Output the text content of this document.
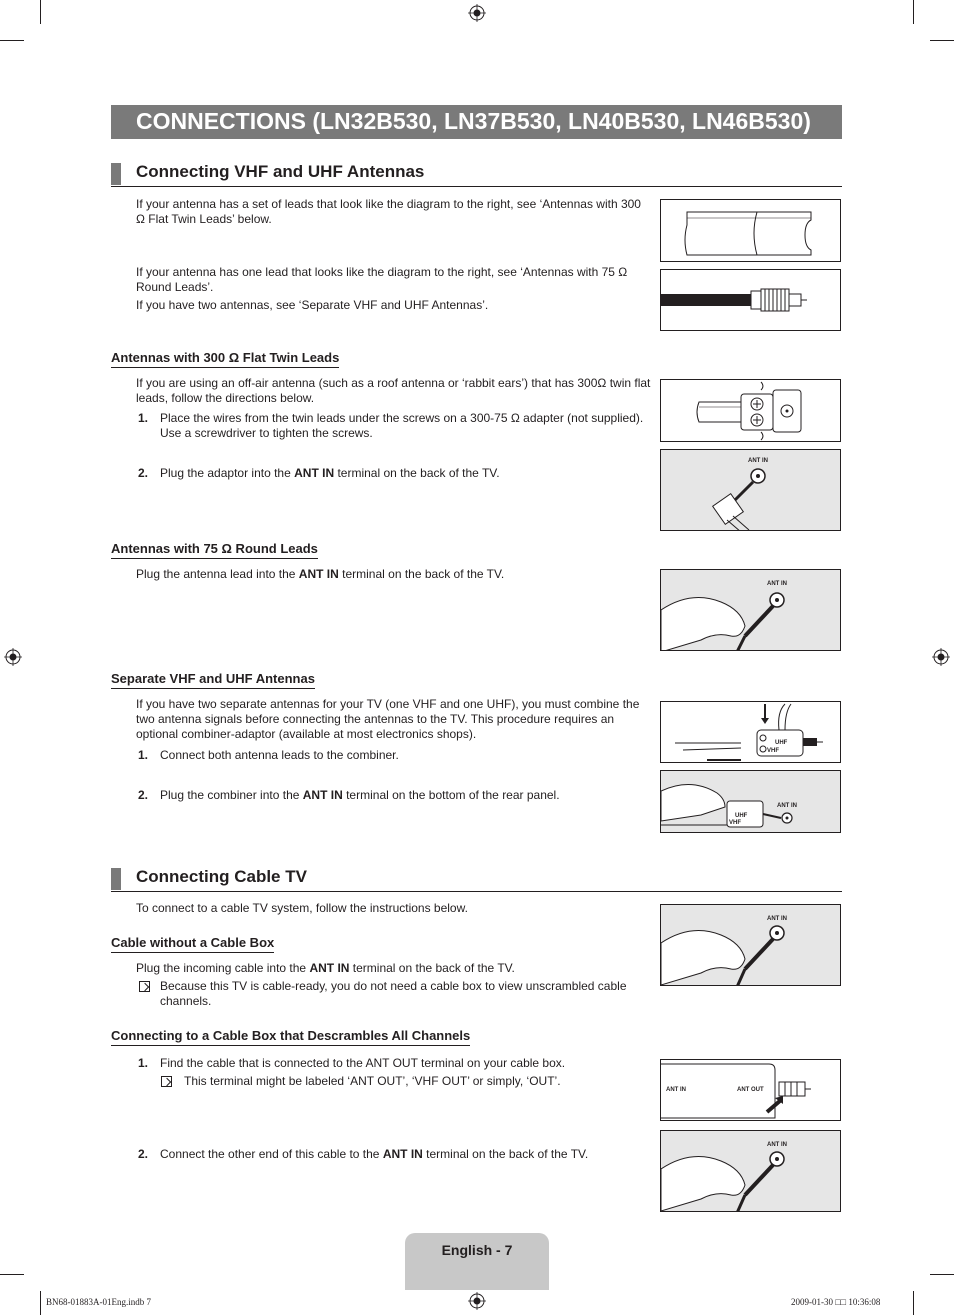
CONNECTIONS (LN32B530, LN37B530, LN40B530, LN46B530)
Connecting VHF and UHF Antennas
If your antenna has a set of leads that look like the diagram to the right, see ‘Antennas with 300 Ω Flat Twin Leads’ below.
If your antenna has one lead that looks like the diagram to the right, see ‘Antennas with 75 Ω Round Leads’.
If you have two antennas, see ‘Separate VHF and UHF Antennas’.
Antennas with 300 Ω Flat Twin Leads
If you are using an off-air antenna (such as a roof antenna or ‘rabbit ears’) that has 300Ω twin flat leads, follow the directions below.
1. Place the wires from the twin leads under the screws on a 300-75 Ω adapter (not supplied). Use a screwdriver to tighten the screws.
2. Plug the adaptor into the ANT IN terminal on the back of the TV.
ANT IN
Antennas with 75 Ω Round Leads
Plug the antenna lead into the ANT IN terminal on the back of the TV.
ANT IN
Separate VHF and UHF Antennas
If you have two separate antennas for your TV (one VHF and one UHF), you must combine the two antenna signals before connecting the antennas to the TV. This procedure requires an optional combiner-adaptor (available at most electronics shops).
1. Connect both antenna leads to the combiner.
2. Plug the combiner into the ANT IN terminal on the bottom of the rear panel.
UHF
VHF
ANT IN
UHF
VHF
Connecting Cable TV
To connect to a cable TV system, follow the instructions below.
Cable without a Cable Box
Plug the incoming cable into the ANT IN terminal on the back of the TV.
Because this TV is cable-ready, you do not need a cable box to view unscrambled cable channels.
ANT IN
Connecting to a Cable Box that Descrambles All Channels
1. Find the cable that is connected to the ANT OUT terminal on your cable box.
This terminal might be labeled ‘ANT OUT’, ‘VHF OUT’ or simply, ‘OUT’.
2. Connect the other end of this cable to the ANT IN terminal on the back of the TV.
ANT IN	ANT OUT
ANT IN
English - 7
BN68-01883A-01Eng.indb 7	2009-01-30 □□ 10:36:08
